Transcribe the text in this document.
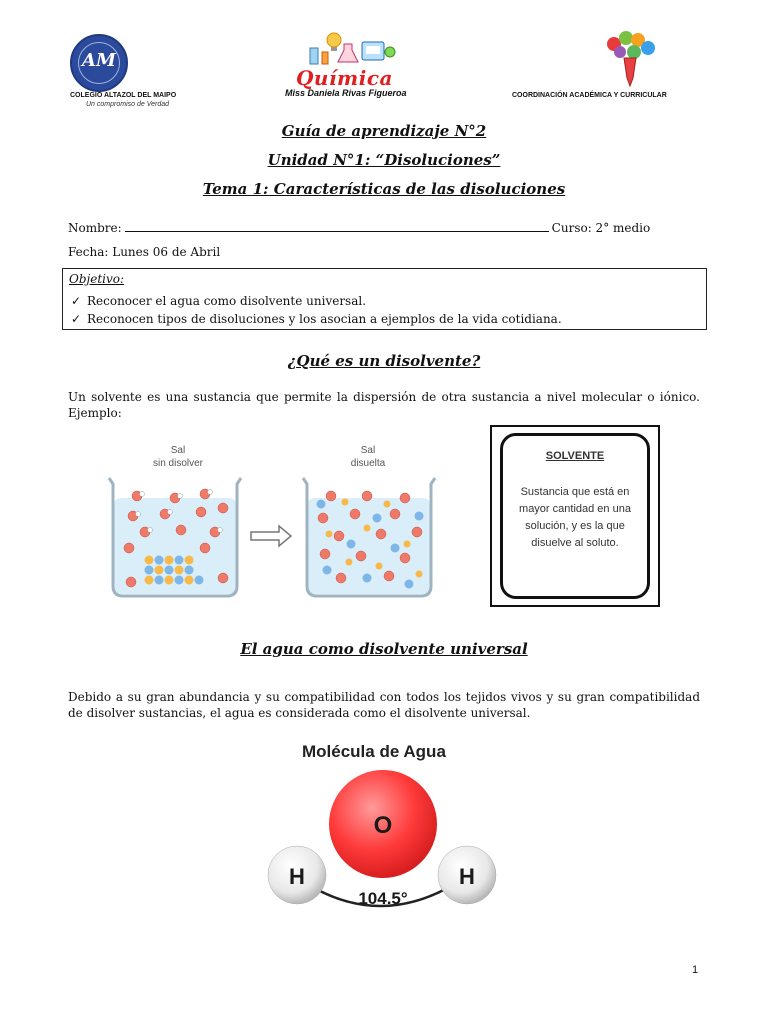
AM
COLEGIO ALTAZOL DEL MAIPO
Un compromiso de Verdad
Química
Miss Daniela Rivas Figueroa	COORDINACIÓN ACADÉMICA Y CURRICULAR
Guía de aprendizaje N°2
Unidad N°1: “Disoluciones”
Tema 1: Características de las disoluciones
Nombre:	Curso: 2° medio
Fecha: Lunes 06 de Abril
Objetivo:
✓ Reconocer el agua como disolvente universal.
✓ Reconocen tipos de disoluciones y los asocian a ejemplos de la vida cotidiana.
¿Qué es un disolvente?
Un solvente es una sustancia que permite la dispersión de otra sustancia a nivel molecular o iónico. Ejemplo:
Sal
sin disolver
Sal
disuelta
SOLVENTE
Sustancia que está en mayor cantidad en una solución, y es la que disuelve al soluto.
El agua como disolvente universal
Debido a su gran abundancia y su compatibilidad con todos los tejidos vivos y su gran compatibilidad de disolver sustancias, el agua es considerada como el disolvente universal.
Molécula de Agua
O
H	H
104.5°
1
